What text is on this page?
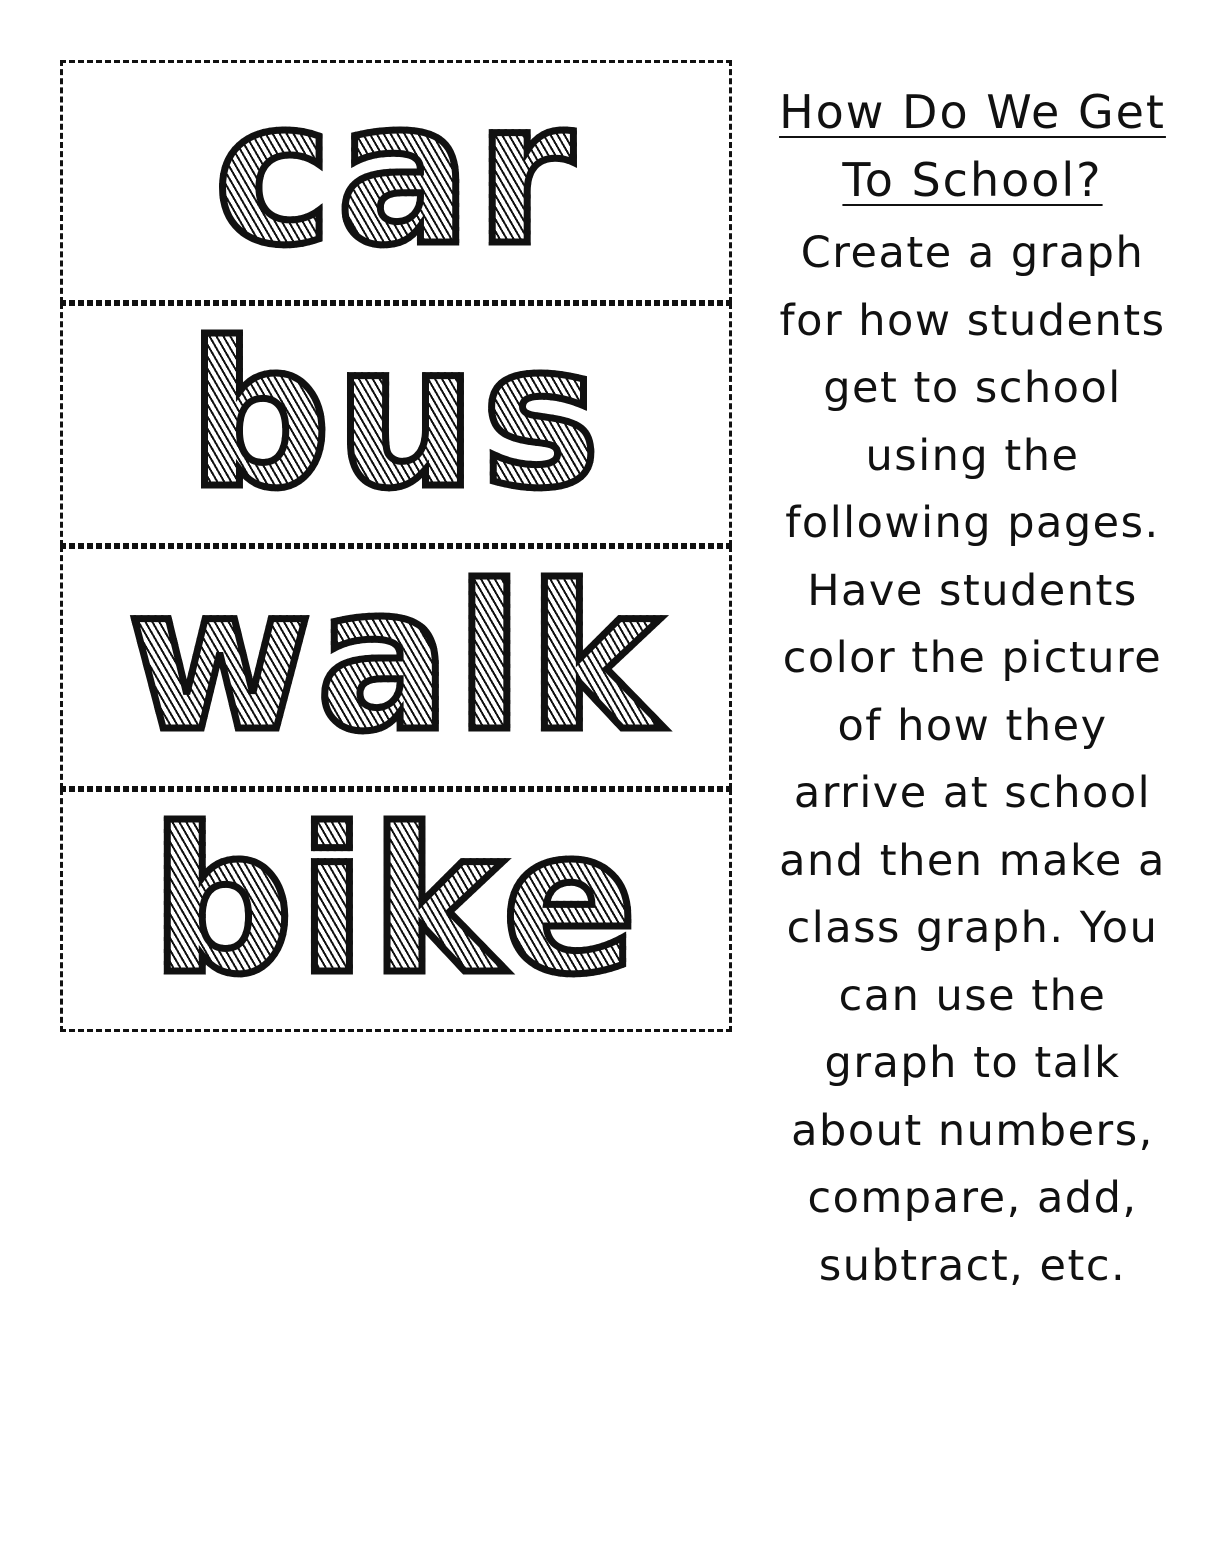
car
bus
walk
bike
How Do We Get To School?

Create a graph for how students get to school using the following pages. Have students color the picture of how they arrive at school and then make a class graph. You can use the graph to talk about numbers, compare, add, subtract, etc.
